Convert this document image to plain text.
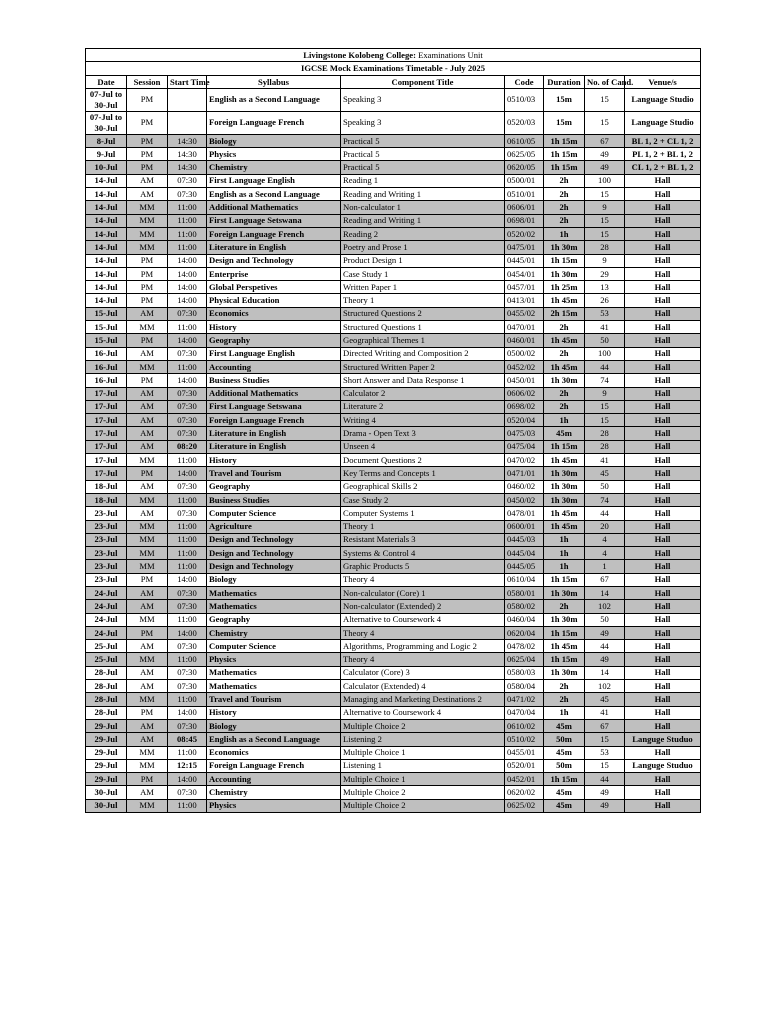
Livingstone Kolobeng College: Examinations Unit								
IGCSE Mock Examinations Timetable - July 2025								
Date	Session	Start Time	Syllabus	Component Title	Code	Duration	No. of Cand.	Venue/s
07-Jul to 30-Jul	PM		English as a Second Language	Speaking 3	0510/03	15m	15	Language Studio
07-Jul to 30-Jul	PM		Foreign Language French	Speaking 3	0520/03	15m	15	Language Studio
8-Jul	PM	14:30	Biology	Practical 5	0610/05	1h 15m	67	BL 1, 2 + CL 1, 2
9-Jul	PM	14:30	Physics	Practical 5	0625/05	1h 15m	49	PL 1, 2 + BL 1, 2
10-Jul	PM	14:30	Chemistry	Practical 5	0620/05	1h 15m	49	CL 1, 2 + BL 1, 2
14-Jul	AM	07:30	First Language English	Reading 1	0500/01	2h	100	Hall
14-Jul	AM	07:30	English as a Second Language	Reading and Writing 1	0510/01	2h	15	Hall
14-Jul	MM	11:00	Additional Mathematics	Non-calculator 1	0606/01	2h	9	Hall
14-Jul	MM	11:00	First Language Setswana	Reading and Writing 1	0698/01	2h	15	Hall
14-Jul	MM	11:00	Foreign Language French	Reading 2	0520/02	1h	15	Hall
14-Jul	MM	11:00	Literature in English	Poetry and Prose 1	0475/01	1h 30m	28	Hall
14-Jul	PM	14:00	Design and Technology	Product Design 1	0445/01	1h 15m	9	Hall
14-Jul	PM	14:00	Enterprise	Case Study 1	0454/01	1h 30m	29	Hall
14-Jul	PM	14:00	Global Perspetives	Written Paper 1	0457/01	1h 25m	13	Hall
14-Jul	PM	14:00	Physical Education	Theory 1	0413/01	1h 45m	26	Hall
15-Jul	AM	07:30	Economics	Structured Questions 2	0455/02	2h 15m	53	Hall
15-Jul	MM	11:00	History	Structured Questions 1	0470/01	2h	41	Hall
15-Jul	PM	14:00	Geography	Geographical Themes 1	0460/01	1h 45m	50	Hall
16-Jul	AM	07:30	First Language English	Directed Writing and Composition 2	0500/02	2h	100	Hall
16-Jul	MM	11:00	Accounting	Structured Written Paper 2	0452/02	1h 45m	44	Hall
16-Jul	PM	14:00	Business Studies	Short Answer and Data Response 1	0450/01	1h 30m	74	Hall
17-Jul	AM	07:30	Additional Mathematics	Calculator 2	0606/02	2h	9	Hall
17-Jul	AM	07:30	First Language Setswana	Literature 2	0698/02	2h	15	Hall
17-Jul	AM	07:30	Foreign Language French	Writing 4	0520/04	1h	15	Hall
17-Jul	AM	07:30	Literature in English	Drama - Open Text 3	0475/03	45m	28	Hall
17-Jul	AM	08:20	Literature in English	Unseen 4	0475/04	1h 15m	28	Hall
17-Jul	MM	11:00	History	Document Questions 2	0470/02	1h 45m	41	Hall
17-Jul	PM	14:00	Travel and Tourism	Key Terms and Concepts 1	0471/01	1h 30m	45	Hall
18-Jul	AM	07:30	Geography	Geographical Skills 2	0460/02	1h 30m	50	Hall
18-Jul	MM	11:00	Business Studies	Case Study 2	0450/02	1h 30m	74	Hall
23-Jul	AM	07:30	Computer Science	Computer Systems 1	0478/01	1h 45m	44	Hall
23-Jul	MM	11:00	Agriculture	Theory 1	0600/01	1h 45m	20	Hall
23-Jul	MM	11:00	Design and Technology	Resistant Materials 3	0445/03	1h	4	Hall
23-Jul	MM	11:00	Design and Technology	Systems & Control 4	0445/04	1h	4	Hall
23-Jul	MM	11:00	Design and Technology	Graphic Products 5	0445/05	1h	1	Hall
23-Jul	PM	14:00	Biology	Theory 4	0610/04	1h 15m	67	Hall
24-Jul	AM	07:30	Mathematics	Non-calculator (Core) 1	0580/01	1h 30m	14	Hall
24-Jul	AM	07:30	Mathematics	Non-calculator (Extended) 2	0580/02	2h	102	Hall
24-Jul	MM	11:00	Geography	Alternative to Coursework 4	0460/04	1h 30m	50	Hall
24-Jul	PM	14:00	Chemistry	Theory 4	0620/04	1h 15m	49	Hall
25-Jul	AM	07:30	Computer Science	Algorithms, Programming and Logic 2	0478/02	1h 45m	44	Hall
25-Jul	MM	11:00	Physics	Theory 4	0625/04	1h 15m	49	Hall
28-Jul	AM	07:30	Mathematics	Calculator (Core) 3	0580/03	1h 30m	14	Hall
28-Jul	AM	07:30	Mathematics	Calculator (Extended) 4	0580/04	2h	102	Hall
28-Jul	MM	11:00	Travel and Tourism	Managing and Marketing Destinations 2	0471/02	2h	45	Hall
28-Jul	PM	14:00	History	Alternative to Coursework 4	0470/04	1h	41	Hall
29-Jul	AM	07:30	Biology	Multiple Choice 2	0610/02	45m	67	Hall
29-Jul	AM	08:45	English as a Second Language	Listening 2	0510/02	50m	15	Languge Studuo
29-Jul	MM	11:00	Economics	Multiple Choice 1	0455/01	45m	53	Hall
29-Jul	MM	12:15	Foreign Language French	Listening 1	0520/01	50m	15	Languge Studuo
29-Jul	PM	14:00	Accounting	Multiple Choice 1	0452/01	1h 15m	44	Hall
30-Jul	AM	07:30	Chemistry	Multiple Choice 2	0620/02	45m	49	Hall
30-Jul	MM	11:00	Physics	Multiple Choice 2	0625/02	45m	49	Hall
